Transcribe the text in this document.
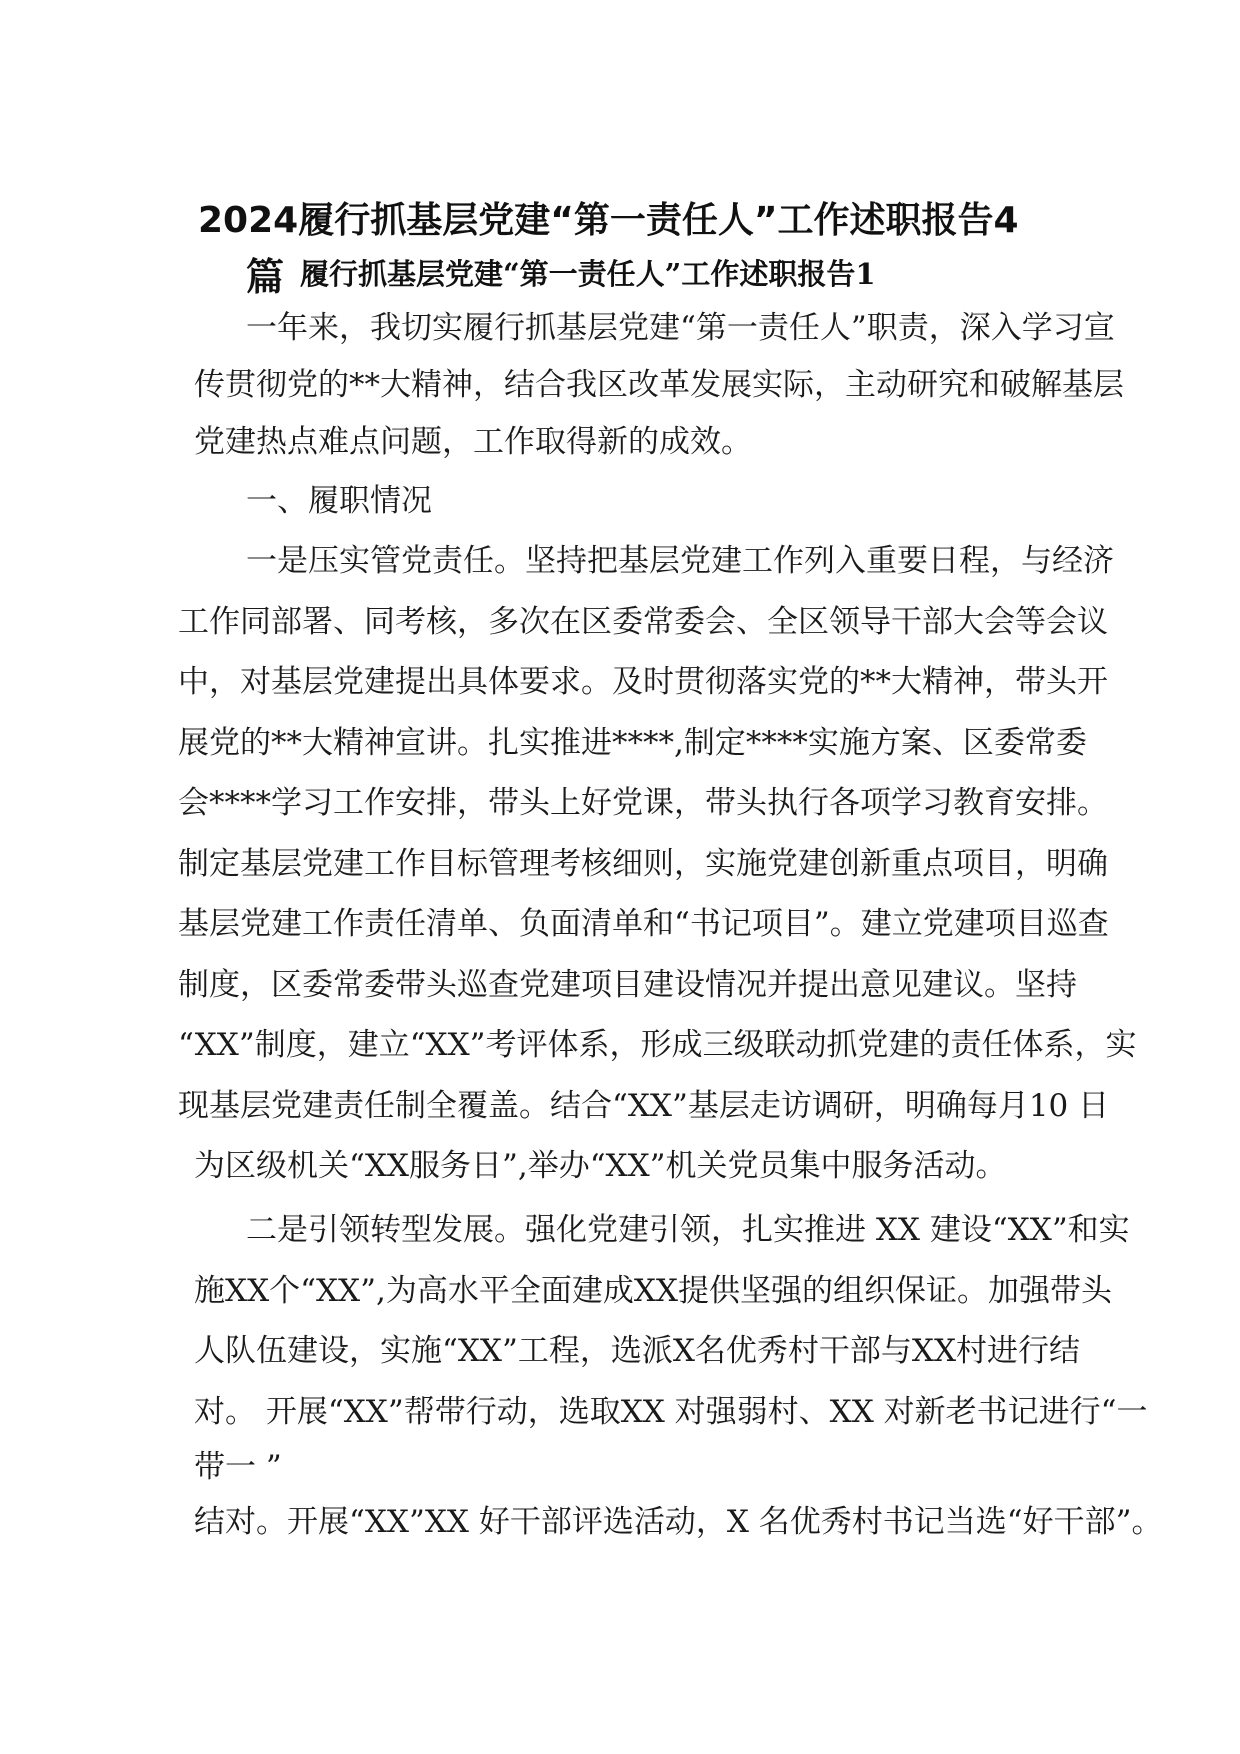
2024履行抓基层党建“第一责任人”工作述职报告4
篇 履行抓基层党建“第一责任人”工作述职报告1
一年来，我切实履行抓基层党建“第一责任人”职责，深入学习宣
传贯彻党的**大精神，结合我区改革发展实际，主动研究和破解基层
党建热点难点问题，工作取得新的成效。
一、履职情况
一是压实管党责任。坚持把基层党建工作列入重要日程，与经济
工作同部署、同考核，多次在区委常委会、全区领导干部大会等会议
中，对基层党建提出具体要求。及时贯彻落实党的**大精神，带头开
展党的**大精神宣讲。扎实推进****,制定****实施方案、区委常委
会****学习工作安排，带头上好党课，带头执行各项学习教育安排。
制定基层党建工作目标管理考核细则，实施党建创新重点项目，明确
基层党建工作责任清单、负面清单和“书记项目”。建立党建项目巡查
制度，区委常委带头巡查党建项目建设情况并提出意见建议。坚持
“XX”制度，建立“XX”考评体系，形成三级联动抓党建的责任体系，实
现基层党建责任制全覆盖。结合“XX”基层走访调研，明确每月10 日
为区级机关“XX服务日”,举办“XX”机关党员集中服务活动。
二是引领转型发展。强化党建引领，扎实推进 XX 建设“XX”和实
施XX个“XX”,为高水平全面建成XX提供坚强的组织保证。加强带头
人队伍建设，实施“XX”工程，选派X名优秀村干部与XX村进行结
对。 开展“XX”帮带行动，选取XX 对强弱村、XX 对新老书记进行“一
带一 ”
结对。开展“XX”XX 好干部评选活动，X 名优秀村书记当选“好干部”。
